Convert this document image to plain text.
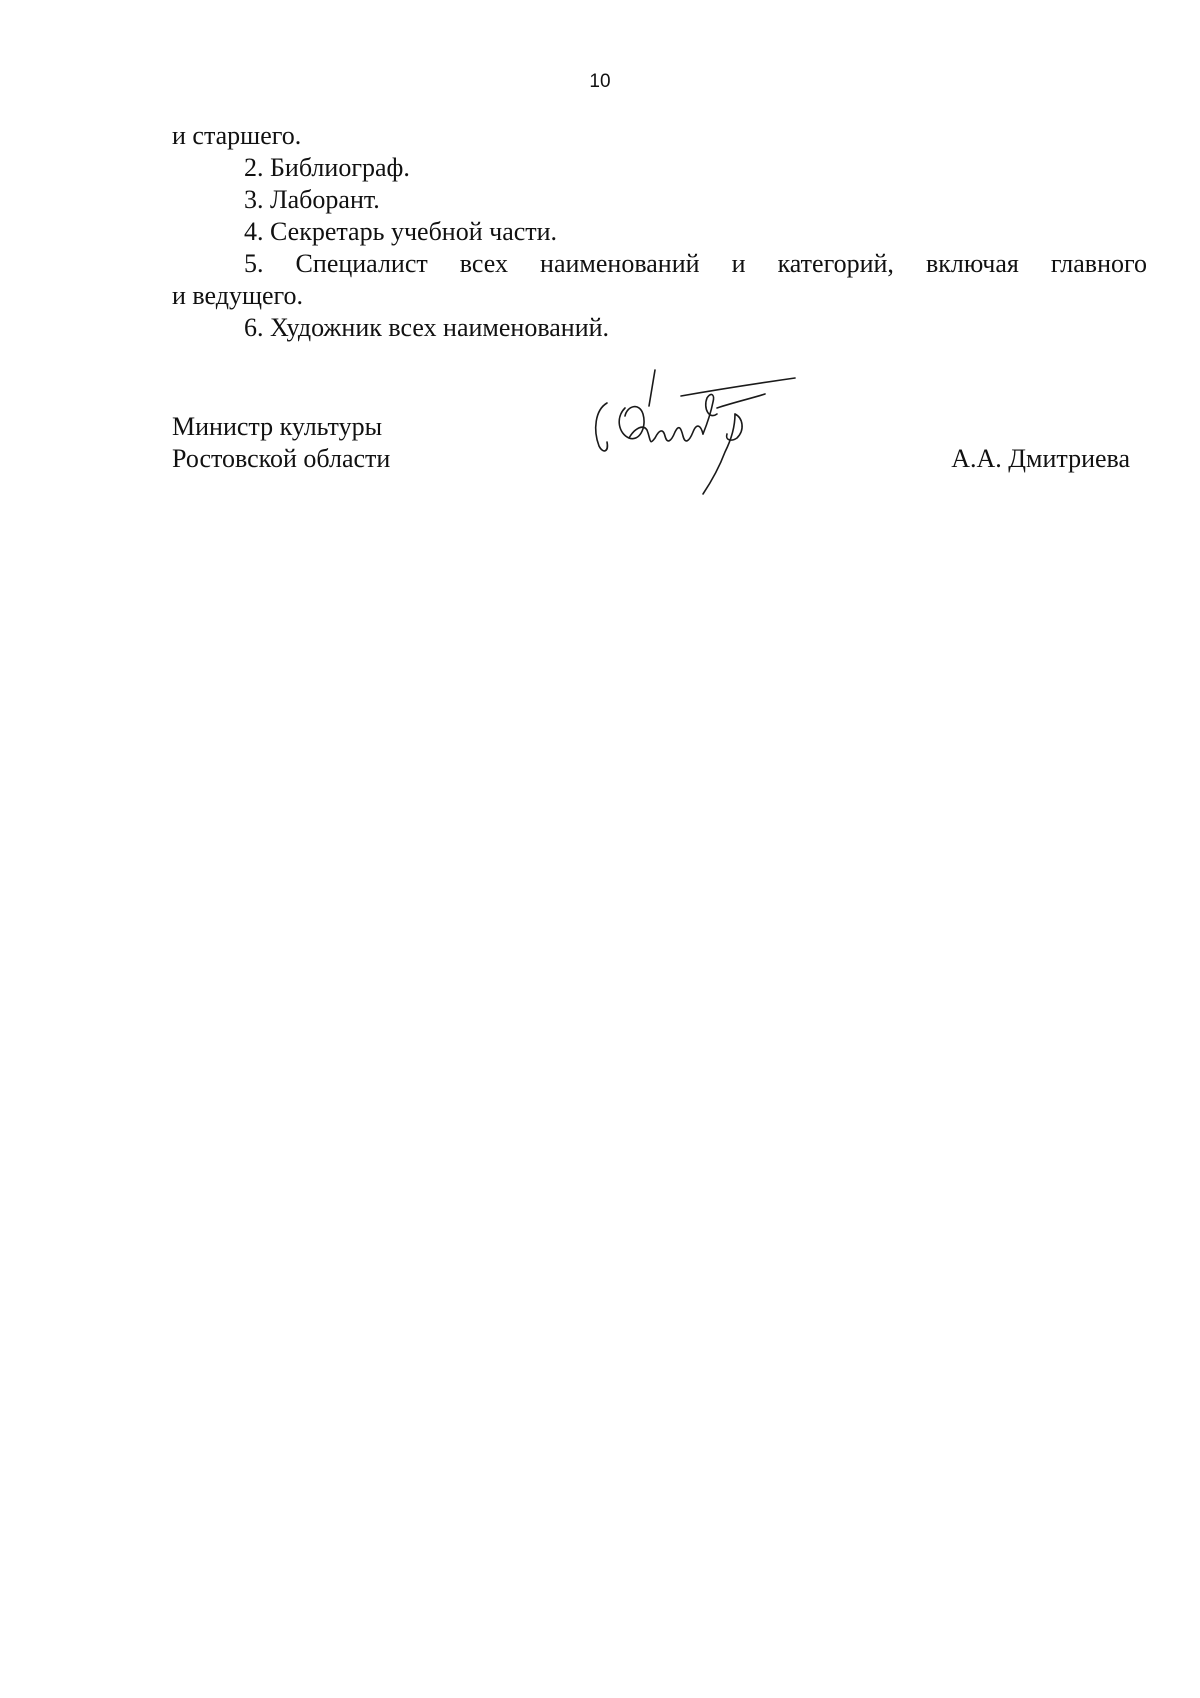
10
и старшего.
2. Библиограф.
3. Лаборант.
4. Секретарь учебной части.
5. Специалист всех наименований и категорий, включая главного
и ведущего.
6. Художник всех наименований.
Министр культуры
Ростовской области	А.А. Дмитриева
